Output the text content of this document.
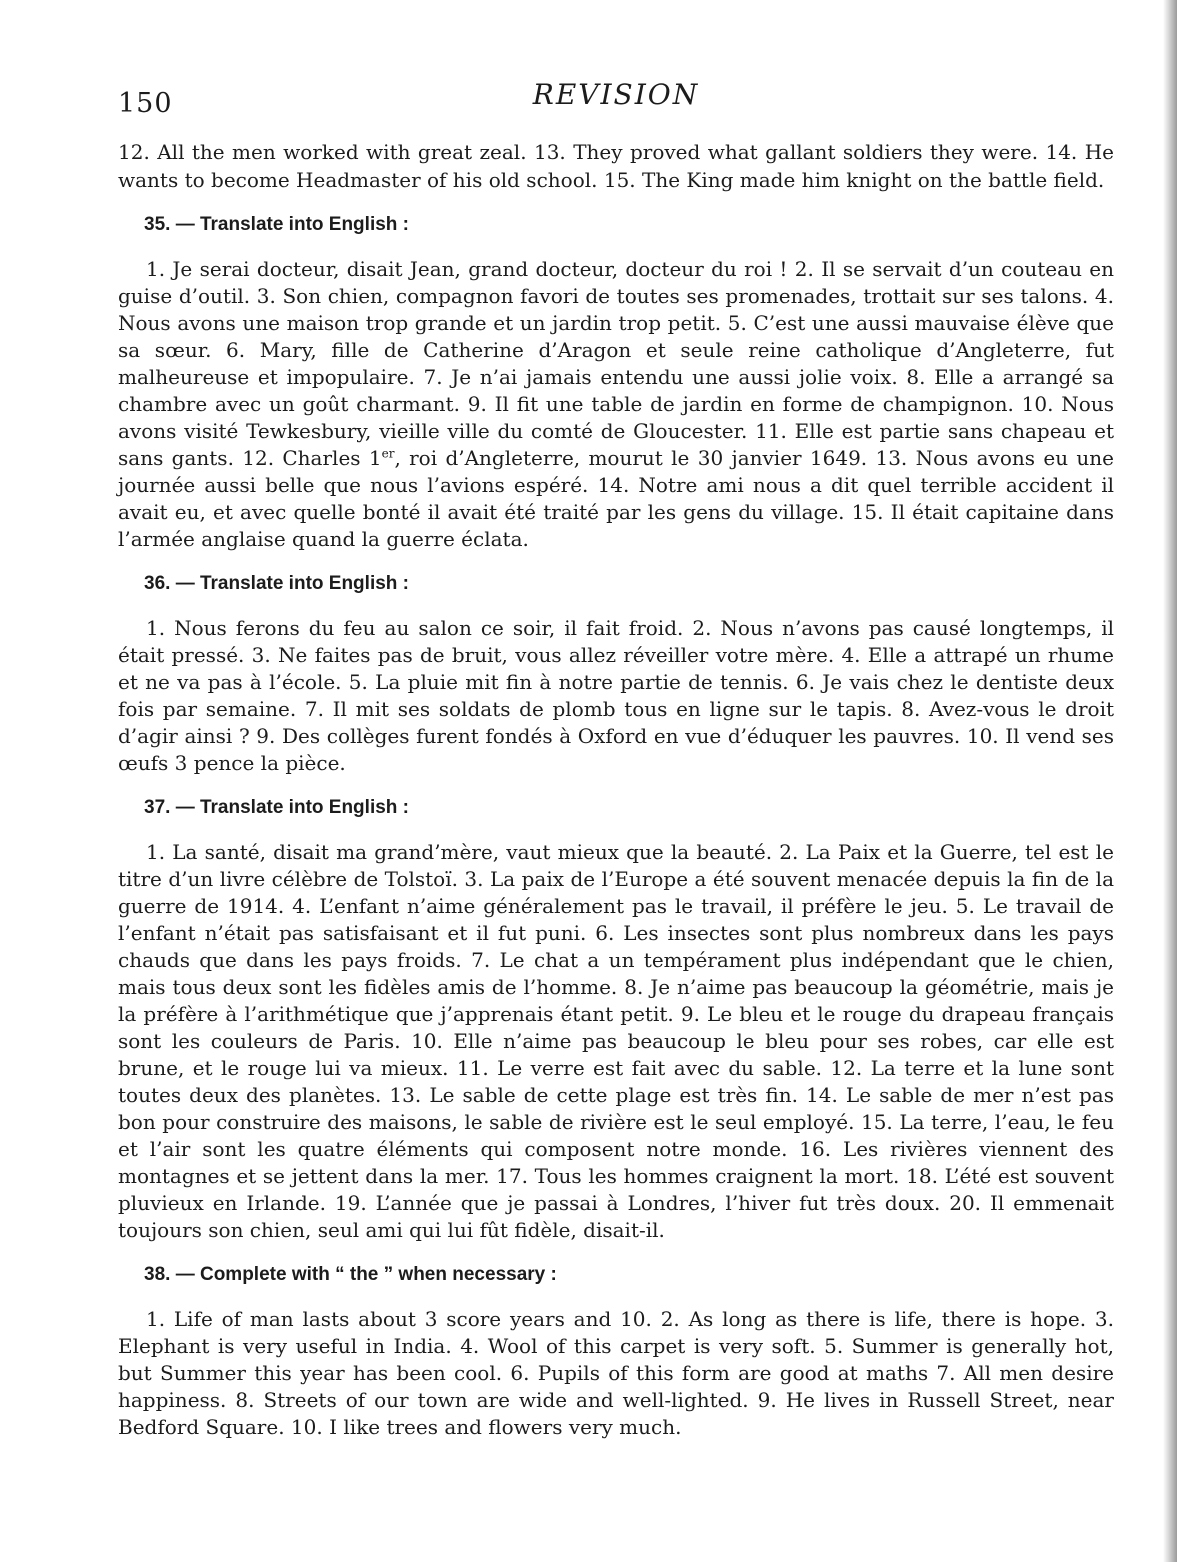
150	REVISION

12. All the men worked with great zeal. 13. They proved what gallant soldiers they were. 14. He wants to become Headmaster of his old school. 15. The King made him knight on the battle field.

35. — Translate into English :

1. Je serai docteur, disait Jean, grand docteur, docteur du roi ! 2. Il se servait d’un couteau en guise d’outil. 3. Son chien, compagnon favori de toutes ses promenades, trottait sur ses talons. 4. Nous avons une maison trop grande et un jardin trop petit. 5. C’est une aussi mauvaise élève que sa sœur. 6. Mary, fille de Catherine d’Aragon et seule reine catholique d’Angleterre, fut malheureuse et impopulaire. 7. Je n’ai jamais entendu une aussi jolie voix. 8. Elle a arrangé sa chambre avec un goût charmant. 9. Il fit une table de jardin en forme de champignon. 10. Nous avons visité Tewkesbury, vieille ville du comté de Gloucester. 11. Elle est partie sans chapeau et sans gants. 12. Charles 1er, roi d’Angleterre, mourut le 30 janvier 1649. 13. Nous avons eu une journée aussi belle que nous l’avions espéré. 14. Notre ami nous a dit quel terrible accident il avait eu, et avec quelle bonté il avait été traité par les gens du village. 15. Il était capitaine dans l’armée anglaise quand la guerre éclata.

36. — Translate into English :

1. Nous ferons du feu au salon ce soir, il fait froid. 2. Nous n’avons pas causé longtemps, il était pressé. 3. Ne faites pas de bruit, vous allez réveiller votre mère. 4. Elle a attrapé un rhume et ne va pas à l’école. 5. La pluie mit fin à notre partie de tennis. 6. Je vais chez le dentiste deux fois par semaine. 7. Il mit ses soldats de plomb tous en ligne sur le tapis. 8. Avez-vous le droit d’agir ainsi ? 9. Des collèges furent fondés à Oxford en vue d’éduquer les pauvres. 10. Il vend ses œufs 3 pence la pièce.

37. — Translate into English :

1. La santé, disait ma grand’mère, vaut mieux que la beauté. 2. La Paix et la Guerre, tel est le titre d’un livre célèbre de Tolstoï. 3. La paix de l’Europe a été souvent menacée depuis la fin de la guerre de 1914. 4. L’enfant n’aime généralement pas le travail, il préfère le jeu. 5. Le travail de l’enfant n’était pas satisfaisant et il fut puni. 6. Les insectes sont plus nombreux dans les pays chauds que dans les pays froids. 7. Le chat a un tempérament plus indépendant que le chien, mais tous deux sont les fidèles amis de l’homme. 8. Je n’aime pas beaucoup la géométrie, mais je la préfère à l’arithmétique que j’apprenais étant petit. 9. Le bleu et le rouge du drapeau français sont les couleurs de Paris. 10. Elle n’aime pas beaucoup le bleu pour ses robes, car elle est brune, et le rouge lui va mieux. 11. Le verre est fait avec du sable. 12. La terre et la lune sont toutes deux des planètes. 13. Le sable de cette plage est très fin. 14. Le sable de mer n’est pas bon pour construire des maisons, le sable de rivière est le seul employé. 15. La terre, l’eau, le feu et l’air sont les quatre éléments qui composent notre monde. 16. Les rivières viennent des montagnes et se jettent dans la mer. 17. Tous les hommes craignent la mort. 18. L’été est souvent pluvieux en Irlande. 19. L’année que je passai à Londres, l’hiver fut très doux. 20. Il emmenait toujours son chien, seul ami qui lui fût fidèle, disait-il.

38. — Complete with “ the ” when necessary :

1. Life of man lasts about 3 score years and 10. 2. As long as there is life, there is hope. 3. Elephant is very useful in India. 4. Wool of this carpet is very soft. 5. Summer is generally hot, but Summer this year has been cool. 6. Pupils of this form are good at maths 7. All men desire happiness. 8. Streets of our town are wide and well-lighted. 9. He lives in Russell Street, near Bedford Square. 10. I like trees and flowers very much.
